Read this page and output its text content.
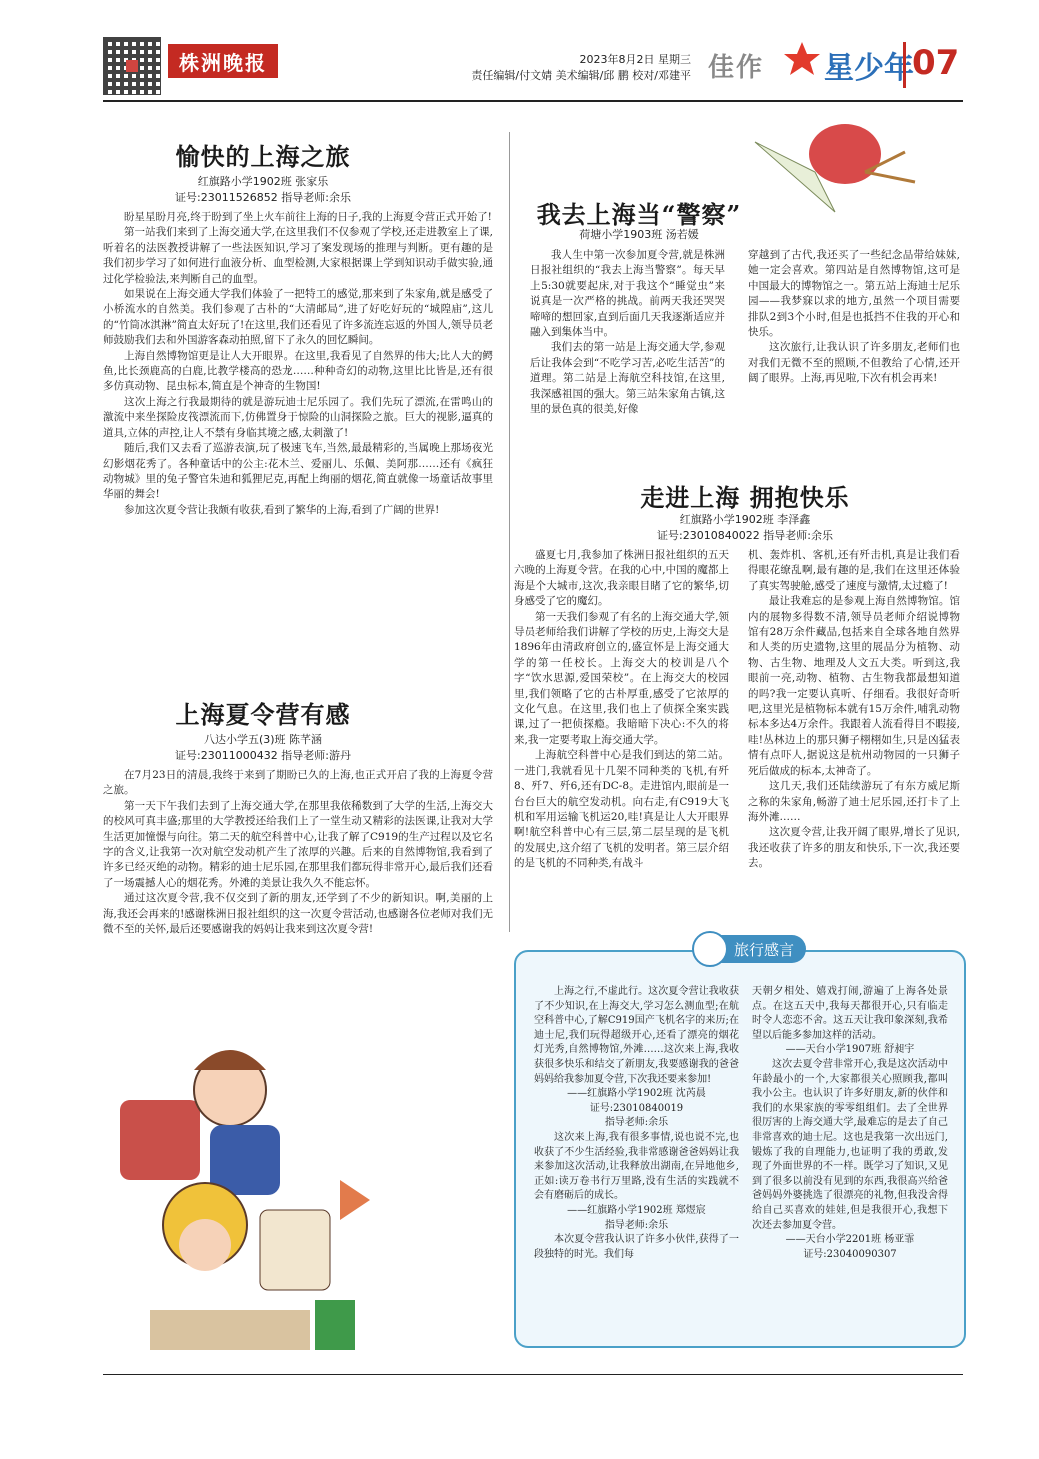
株洲晚报	2023年8月2日 星期三
责任编辑/付文婧 美术编辑/邱 鹏 校对/邓建平 佳作 星少年
07
愉快的上海之旅
红旗路小学1902班 张家乐
证号:23011526852 指导老师:余乐

盼星星盼月亮,终于盼到了坐上火车前往上海的日子,我的上海夏令营正式开始了!

第一站我们来到了上海交通大学,在这里我们不仅参观了学校,还走进教室上了课,听着名的法医教授讲解了一些法医知识,学习了案发现场的推理与判断。更有趣的是我们初步学习了如何进行血液分析、血型检测,大家根据课上学到知识动手做实验,通过化学检验法,来判断自己的血型。

如果说在上海交通大学我们体验了一把特工的感觉,那来到了朱家角,就是感受了小桥流水的自然美。我们参观了古朴的“大清邮局”,进了好吃好玩的“城隍庙”,这儿的“竹筒冰淇淋”简直太好玩了!在这里,我们还看见了许多流连忘返的外国人,领导员老师鼓励我们去和外国游客森动拍照,留下了永久的回忆瞬间。

上海自然博物馆更是让人大开眼界。在这里,我看见了自然界的伟大;比人大的鳄鱼,比长颈鹿高的白鹿,比教学楼高的恐龙……种种奇幻的动物,这里比比皆是,还有很多仿真动物、昆虫标本,简直是个神奇的生物国!

这次上海之行我最期待的就是游玩迪士尼乐园了。我们先玩了漂流,在雷鸣山的激流中来坐探险皮筏漂流而下,仿佛置身于惊险的山洞探险之旅。巨大的视影,逼真的道具,立体的声控,让人不禁有身临其境之感,太刺激了!

随后,我们又去看了巡游表演,玩了极速飞车,当然,最最精彩的,当属晚上那场夜光幻影烟花秀了。各种童话中的公主:花木兰、爱丽儿、乐佩、美阿那……还有《疯狂动物城》里的兔子警官朱迪和狐狸尼克,再配上绚丽的烟花,简直就像一场童话故事里华丽的舞会!

参加这次夏令营让我颇有收获,看到了繁华的上海,看到了广阔的世界!

上海夏令营有感
八达小学五(3)班 陈芊涵
证号:23011000432 指导老师:游丹

在7月23日的清晨,我终于来到了期盼已久的上海,也正式开启了我的上海夏令营之旅。

第一天下午我们去到了上海交通大学,在那里我依稀数到了大学的生活,上海交大的校风可真丰盛;那里的大学教授还给我们上了一堂生动又精彩的法医课,让我对大学生活更加憧憬与向往。第二天的航空科普中心,让我了解了C919的生产过程以及它名字的含义,让我第一次对航空发动机产生了浓厚的兴趣。后来的自然博物馆,我看到了许多已经灭绝的动物。精彩的迪士尼乐园,在那里我们都玩得非常开心,最后我们还看了一场震撼人心的烟花秀。外滩的美景让我久久不能忘怀。

通过这次夏令营,我不仅交到了新的朋友,还学到了不少的新知识。啊,美丽的上海,我还会再来的!感谢株洲日报社组织的这一次夏令营活动,也感谢各位老师对我们无微不至的关怀,最后还要感谢我的妈妈让我来到这次夏令营!

我去上海当“警察”
荷塘小学1903班 汤若媛

我人生中第一次参加夏令营,就是株洲日报社组织的“我去上海当警察”。每天早上5:30就要起床,对于我这个“睡觉虫”来说真是一次严格的挑战。前两天我还哭哭啼啼的想回家,直到后面几天我逐渐适应并融入到集体当中。

我们去的第一站是上海交通大学,参观后让我体会到“不吃学习苦,必吃生活苦”的道理。第二站是上海航空科技馆,在这里,我深感祖国的强大。第三站朱家角古镇,这里的景色真的很美,好像

穿越到了古代,我还买了一些纪念品带给妹妹,她一定会喜欢。第四站是自然博物馆,这可是中国最大的博物馆之一。第五站上海迪士尼乐园——我梦寐以求的地方,虽然一个项目需要排队2到3个小时,但是也抵挡不住我的开心和快乐。

这次旅行,让我认识了许多朋友,老师们也对我们无微不至的照顾,不但教给了心情,还开阔了眼界。上海,再见啦,下次有机会再来!

走进上海 拥抱快乐
红旗路小学1902班 李泽鑫
证号:23010840022 指导老师:余乐

盛夏七月,我参加了株洲日报社组织的五天六晚的上海夏令营。在我的心中,中国的魔都上海是个大城市,这次,我亲眼目睹了它的繁华,切身感受了它的魔幻。

第一天我们参观了有名的上海交通大学,领导员老师给我们讲解了学校的历史,上海交大是1896年由清政府创立的,盛宣怀是上海交通大学的第一任校长。上海交大的校训是八个字“饮水思源,爱国荣校”。在上海交大的校园里,我们领略了它的古朴厚重,感受了它浓厚的文化气息。在这里,我们也上了侦探全案实践课,过了一把侦探瘾。我暗暗下决心:不久的将来,我一定要考取上海交通大学。

上海航空科普中心是我们到达的第二站。一进门,我就看见十几架不同种类的飞机,有歼8、歼7、歼6,还有DC-8。走进馆内,眼前是一台台巨大的航空发动机。向右走,有C919大飞机和军用运输飞机运20,哇!真是让人大开眼界啊!航空科普中心有三层,第二层呈现的是飞机的发展史,这介绍了飞机的发明者。第三层介绍的是飞机的不同种类,有战斗

机、轰炸机、客机,还有歼击机,真是让我们看得眼花缭乱啊,最有趣的是,我们在这里还体验了真实驾驶舱,感受了速度与激情,太过瘾了!

最让我难忘的是参观上海自然博物馆。馆内的展物多得数不清,领导员老师介绍说博物馆有28万余件藏品,包括来自全球各地自然界和人类的历史遗物,这里的展品分为植物、动物、古生物、地理及人文五大类。听到这,我眼前一亮,动物、植物、古生物我都最想知道的吗?我一定要认真听、仔细看。我很好奇听吧,这里光是植物标本就有15万余件,哺乳动物标本多达4万余件。我跟着人流看得目不暇接,哇!丛林边上的那只狮子栩栩如生,只是凶猛表情有点吓人,据说这是杭州动物园的一只狮子死后做成的标本,太神奇了。

这几天,我们还陆续游玩了有东方威尼斯之称的朱家角,畅游了迪士尼乐园,还打卡了上海外滩……

这次夏令营,让我开阔了眼界,增长了见识,我还收获了许多的朋友和快乐,下一次,我还要去。

旅行感言

上海之行,不虚此行。这次夏令营让我收获了不少知识,在上海交大,学习怎么测血型;在航空科普中心,了解C919国产飞机名字的来历;在迪士尼,我们玩得超级开心,还看了漂亮的烟花灯光秀,自然博物馆,外滩……这次来上海,我收获很多快乐和结交了新朋友,我要感谢我的爸爸妈妈给我参加夏令营,下次我还要来参加!

——红旗路小学1902班 沈芮晨

证号:23010840019

指导老师:余乐

这次来上海,我有很多事情,说也说不完,也收获了不少生活经验,我非常感谢爸爸妈妈让我来参加这次活动,让我释放出湖南,在异地他乡,正如:读万卷书行万里路,没有生活的实践就不会有磨砺后的成长。

——红旗路小学1902班 郑煜宸

指导老师:余乐

本次夏令营我认识了许多小伙伴,获得了一段独特的时光。我们每

天朝夕相处、嬉戏打闹,游遍了上海各处景点。在这五天中,我每天都很开心,只有临走时令人恋恋不舍。这五天让我印象深刻,我希望以后能多参加这样的活动。

——天台小学1907班 舒昶宇

这次去夏令营非常开心,我是这次活动中年龄最小的一个,大家都很关心照顾我,都叫我小公主。也认识了许多好朋友,新的伙伴和我们的水果家族的零零组组们。去了全世界很厉害的上海交通大学,最难忘的是去了自己非常喜欢的迪士尼。这也是我第一次出远门,锻炼了我的自理能力,也证明了我的勇敢,发现了外面世界的不一样。既学习了知识,又见到了很多以前没有见到的东西,我很高兴给爸爸妈妈外婆挑选了很漂亮的礼物,但我没舍得给自己买喜欢的娃娃,但是我很开心,我想下次还去参加夏令营。

——天台小学2201班 杨亚霏

证号:23040090307
